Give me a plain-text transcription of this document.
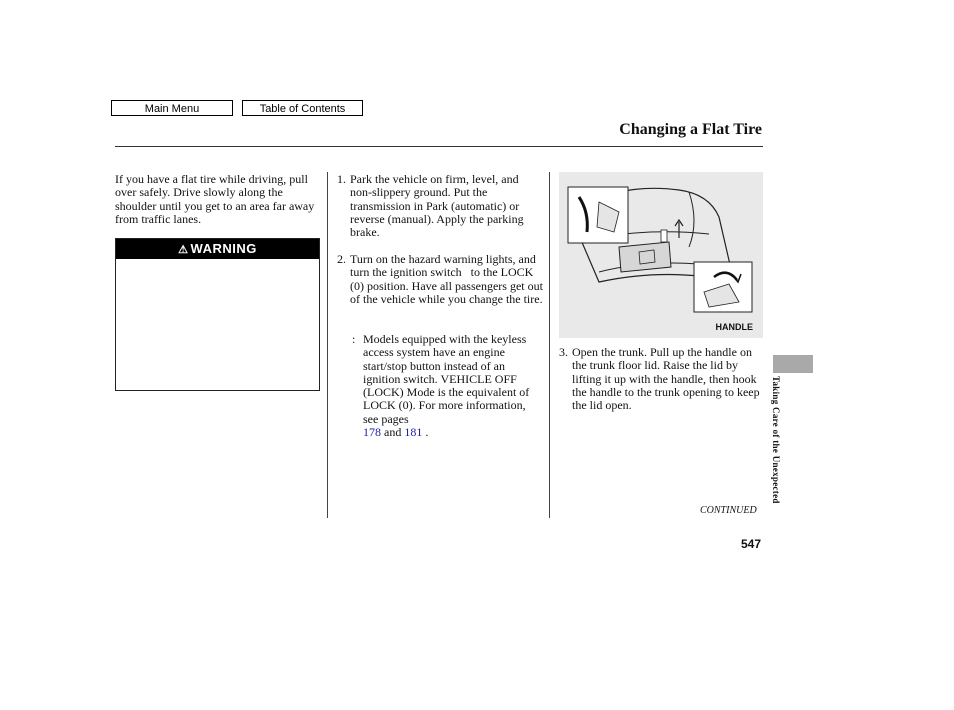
Main Menu	Table of Contents
Changing a Flat Tire
If you have a flat tire while driving, pull over safely. Drive slowly along the shoulder until you get to an area far away from traffic lanes.
⚠ WARNING
1. Park the vehicle on firm, level, and non-slippery ground. Put the transmission in Park (automatic) or reverse (manual). Apply the parking brake.
2. Turn on the hazard warning lights, and turn the ignition switch   to the LOCK (0) position. Have all passengers get out of the vehicle while you change the tire.
: Models equipped with the keyless access system have an engine start/stop button instead of an ignition switch. VEHICLE OFF (LOCK) Mode is the equivalent of LOCK (0). For more information, see pages
178 and 181 .
HANDLE
3. Open the trunk. Pull up the handle on the trunk floor lid. Raise the lid by lifting it up with the handle, then hook the handle to the trunk opening to keep the lid open.
CONTINUED
547
Taking Care of the Unexpected
